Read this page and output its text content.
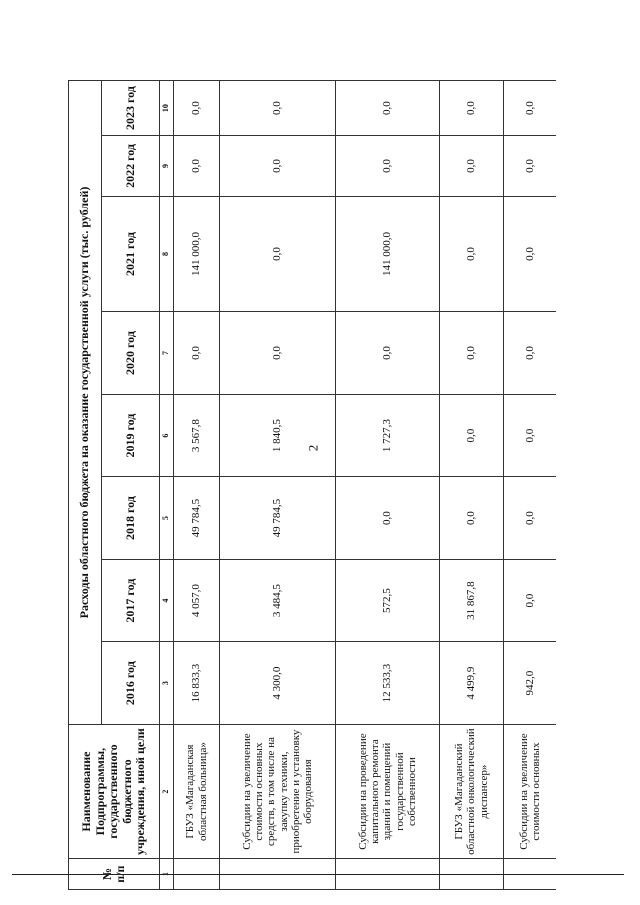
2
№ п/п	Наименование Подпрограммы, государственного бюджетного учреждения, иной цели	Расходы областного бюджета на оказание государственной услуги (тыс. рублей)							
		2016 год	2017 год	2018 год	2019 год	2020 год	2021 год	2022 год	2023 год
1	2	3	4	5	6	7	8	9	10
	ГБУЗ «Магаданская областная больница»	16 833,3	4 057,0	49 784,5	3 567,8	0,0	141 000,0	0,0	0,0
	Субсидии на увеличение стоимости основных средств, в том числе на закупку техники, приобретение и установку оборудования	4 300,0	3 484,5	49 784,5	1 840,5	0,0	0,0	0,0	0,0
	Субсидии на проведение капитального ремонта зданий и помещений государственной собственности	12 533,3	572,5	0,0	1 727,3	0,0	141 000,0	0,0	0,0
	ГБУЗ «Магаданский областной онкологический диспансер»	4 499,9	31 867,8	0,0	0,0	0,0	0,0	0,0	0,0
	Субсидии на увеличение стоимости основных	942,0	0,0	0,0	0,0	0,0	0,0	0,0	0,0
